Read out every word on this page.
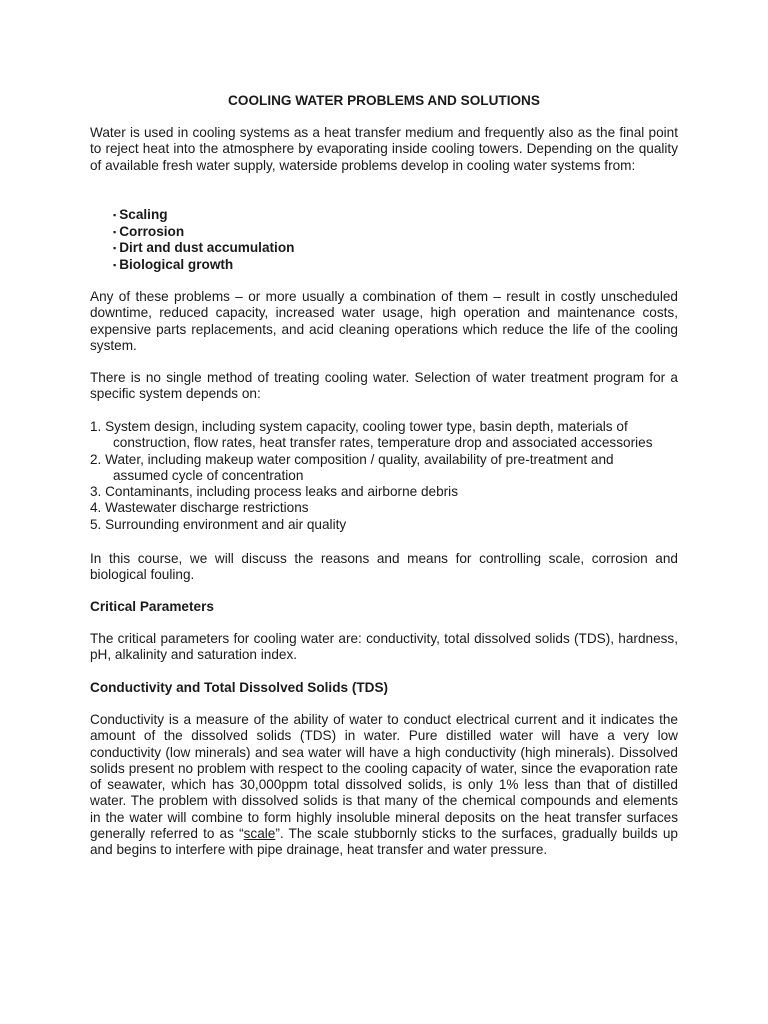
COOLING WATER PROBLEMS AND SOLUTIONS

Water is used in cooling systems as a heat transfer medium and frequently also as the final point to reject heat into the atmosphere by evaporating inside cooling towers. Depending on the quality of available fresh water supply, waterside problems develop in cooling water systems from:

▪ Scaling
▪ Corrosion
▪ Dirt and dust accumulation
▪ Biological growth

Any of these problems – or more usually a combination of them – result in costly unscheduled downtime, reduced capacity, increased water usage, high operation and maintenance costs, expensive parts replacements, and acid cleaning operations which reduce the life of the cooling system.

There is no single method of treating cooling water. Selection of water treatment program for a specific system depends on:

1. System design, including system capacity, cooling tower type, basin depth, materials of
construction, flow rates, heat transfer rates, temperature drop and associated accessories
2. Water, including makeup water composition / quality, availability of pre-treatment and
assumed cycle of concentration
3. Contaminants, including process leaks and airborne debris
4. Wastewater discharge restrictions
5. Surrounding environment and air quality

In this course, we will discuss the reasons and means for controlling scale, corrosion and biological fouling.

Critical Parameters

The critical parameters for cooling water are: conductivity, total dissolved solids (TDS), hardness, pH, alkalinity and saturation index.

Conductivity and Total Dissolved Solids (TDS)

Conductivity is a measure of the ability of water to conduct electrical current and it indicates the amount of the dissolved solids (TDS) in water. Pure distilled water will have a very low conductivity (low minerals) and sea water will have a high conductivity (high minerals). Dissolved solids present no problem with respect to the cooling capacity of water, since the evaporation rate of seawater, which has 30,000ppm total dissolved solids, is only 1% less than that of distilled water. The problem with dissolved solids is that many of the chemical compounds and elements in the water will combine to form highly insoluble mineral deposits on the heat transfer surfaces generally referred to as “scale”. The scale stubbornly sticks to the surfaces, gradually builds up and begins to interfere with pipe drainage, heat transfer and water pressure.
